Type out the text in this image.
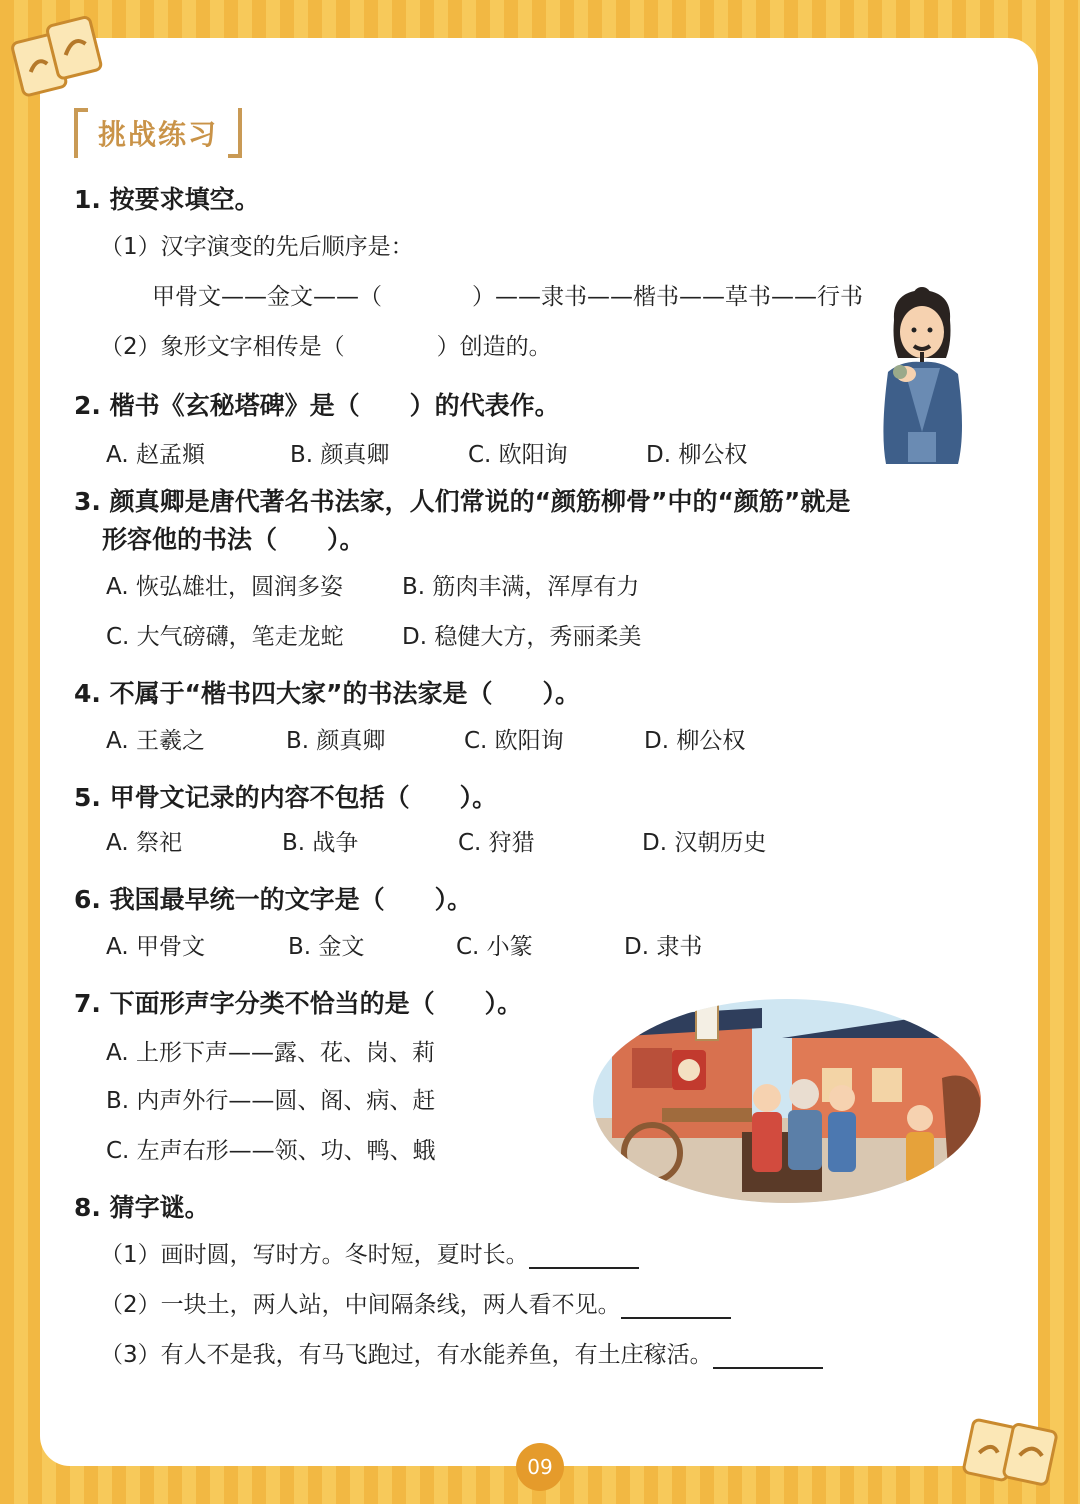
挑战练习
1. 按要求填空。
（1）汉字演变的先后顺序是：
甲骨文——金文——（	）——隶书——楷书——草书——行书
（2）象形文字相传是（	）创造的。
2. 楷书《玄秘塔碑》是（　　）的代表作。
A. 赵孟頫	B. 颜真卿	C. 欧阳询	D. 柳公权
3. 颜真卿是唐代著名书法家，人们常说的“颜筋柳骨”中的“颜筋”就是
形容他的书法（　　）。
A. 恢弘雄壮，圆润多姿	B. 筋肉丰满，浑厚有力
C. 大气磅礴，笔走龙蛇	D. 稳健大方，秀丽柔美
4. 不属于“楷书四大家”的书法家是（　　）。
A. 王羲之	B. 颜真卿	C. 欧阳询	D. 柳公权
5. 甲骨文记录的内容不包括（　　）。
A. 祭祀	B. 战争	C. 狩猎	D. 汉朝历史
6. 我国最早统一的文字是（　　）。
A. 甲骨文	B. 金文	C. 小篆	D. 隶书
7. 下面形声字分类不恰当的是（　　）。
A. 上形下声——露、花、岗、莉
B. 内声外行——圆、阁、病、赶
C. 左声右形——领、功、鸭、蛾
8. 猜字谜。
（1）画时圆，写时方。冬时短，夏时长。
（2）一块土，两人站，中间隔条线，两人看不见。
（3）有人不是我，有马飞跑过，有水能养鱼，有土庄稼活。
09
